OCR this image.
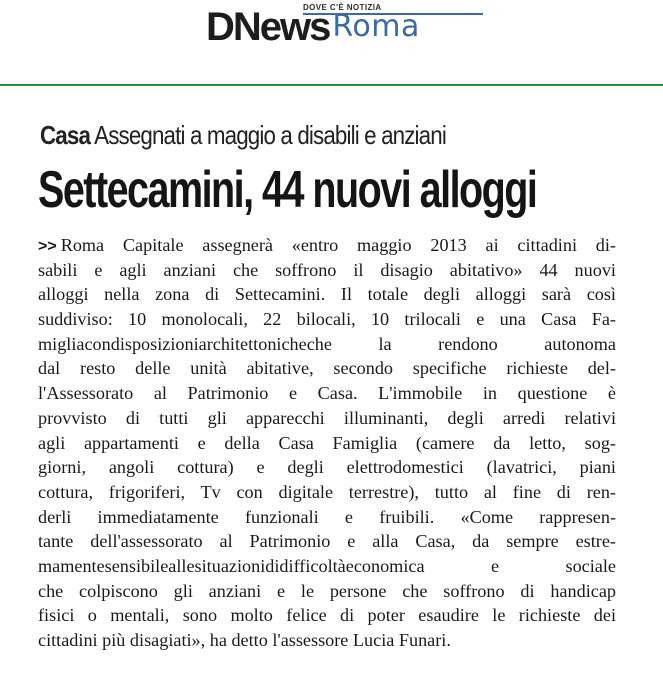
DNews Roma
DOVE C'È NOTIZIA
Casa Assegnati a maggio a disabili e anziani
Settecamini, 44 nuovi alloggi
>> Roma Capitale assegnerà «entro maggio 2013 ai cittadini di-
sabili e agli anziani che soffrono il disagio abitativo» 44 nuovi
alloggi nella zona di Settecamini. Il totale degli alloggi sarà così
suddiviso: 10 monolocali, 22 bilocali, 10 trilocali e una Casa Fa-
migliacondisposizioniarchitettonicheche la rendono autonoma
dal resto delle unità abitative, secondo specifiche richieste del-
l'Assessorato al Patrimonio e Casa. L'immobile in questione è
provvisto di tutti gli apparecchi illuminanti, degli arredi relativi
agli appartamenti e della Casa Famiglia (camere da letto, sog-
giorni, angoli cottura) e degli elettrodomestici (lavatrici, piani
cottura, frigoriferi, Tv con digitale terrestre), tutto al fine di ren-
derli immediatamente funzionali e fruibili. «Come rappresen-
tante dell'assessorato al Patrimonio e alla Casa, da sempre estre-
mamentesensibileallesituazionididifficoltàeconomica e sociale
che colpiscono gli anziani e le persone che soffrono di handicap
fisici o mentali, sono molto felice di poter esaudire le richieste dei
cittadini più disagiati», ha detto l'assessore Lucia Funari.
